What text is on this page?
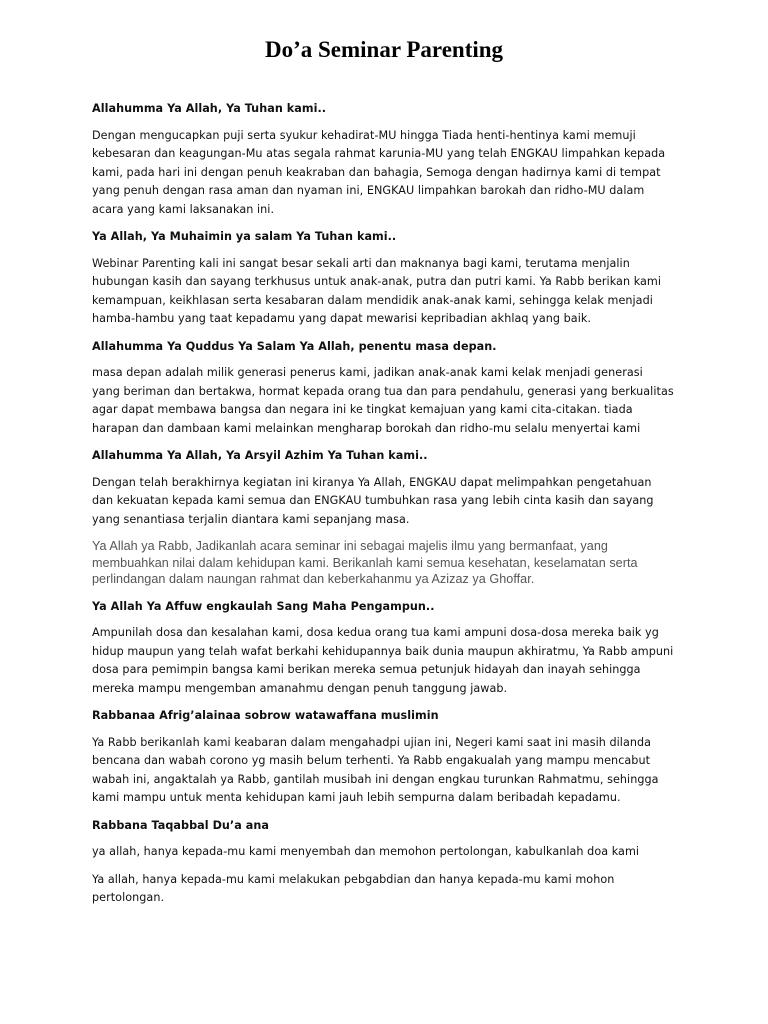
Do’a Seminar Parenting
Allahumma Ya Allah, Ya Tuhan kami..
Dengan mengucapkan puji serta syukur kehadirat-MU hingga Tiada henti-hentinya kami memuji kebesaran dan keagungan-Mu atas segala rahmat karunia-MU yang telah ENGKAU limpahkan kepada kami, pada hari ini dengan penuh keakraban dan bahagia, Semoga dengan hadirnya kami di tempat yang penuh dengan rasa aman dan nyaman ini, ENGKAU limpahkan barokah dan ridho-MU dalam acara yang kami laksanakan ini.
Ya Allah, Ya Muhaimin ya salam Ya Tuhan kami..
Webinar Parenting kali ini sangat besar sekali arti dan maknanya bagi kami, terutama menjalin hubungan kasih dan sayang terkhusus untuk anak-anak, putra dan putri kami. Ya Rabb berikan kami kemampuan, keikhlasan serta kesabaran dalam mendidik anak-anak kami, sehingga kelak menjadi hamba-hambu yang taat kepadamu yang dapat mewarisi kepribadian akhlaq yang baik.
Allahumma Ya Quddus Ya Salam Ya Allah, penentu masa depan.
masa depan adalah milik generasi penerus kami, jadikan anak-anak kami kelak menjadi generasi yang beriman dan bertakwa, hormat kepada orang tua dan para pendahulu, generasi yang berkualitas agar dapat membawa bangsa dan negara ini ke tingkat kemajuan yang kami cita-citakan. tiada harapan dan dambaan kami melainkan mengharap borokah dan ridho-mu selalu menyertai kami
Allahumma Ya Allah, Ya Arsyil Azhim Ya Tuhan kami..
Dengan telah berakhirnya kegiatan ini kiranya Ya Allah, ENGKAU dapat melimpahkan pengetahuan dan kekuatan kepada kami semua dan ENGKAU tumbuhkan rasa yang lebih cinta kasih dan sayang yang senantiasa terjalin diantara kami sepanjang masa.
Ya Allah ya Rabb, Jadikanlah acara seminar ini sebagai majelis ilmu yang bermanfaat, yang membuahkan nilai dalam kehidupan kami. Berikanlah kami semua kesehatan, keselamatan serta perlindangan dalam naungan rahmat dan keberkahanmu ya Azizaz ya Ghoffar.
Ya Allah Ya Affuw engkaulah Sang Maha Pengampun..
Ampunilah dosa dan kesalahan kami, dosa kedua orang tua kami ampuni dosa-dosa mereka baik yg hidup maupun yang telah wafat berkahi kehidupannya baik dunia maupun akhiratmu, Ya Rabb ampuni dosa para pemimpin bangsa kami berikan mereka semua petunjuk hidayah dan inayah sehingga mereka mampu mengemban amanahmu dengan penuh tanggung jawab.
Rabbanaa Afrig’alainaa sobrow watawaffana muslimin
Ya Rabb berikanlah kami keabaran dalam mengahadpi ujian ini, Negeri kami saat ini masih dilanda bencana dan wabah corono yg masih belum terhenti. Ya Rabb engakualah yang mampu mencabut wabah ini, angaktalah ya Rabb, gantilah musibah ini dengan engkau turunkan Rahmatmu, sehingga kami mampu untuk menta kehidupan kami jauh lebih sempurna dalam beribadah kepadamu.
Rabbana Taqabbal Du’a ana
ya allah, hanya kepada-mu kami menyembah dan memohon pertolongan, kabulkanlah doa kami
Ya allah, hanya kepada-mu kami melakukan pebgabdian dan hanya kepada-mu kami mohon pertolongan.
